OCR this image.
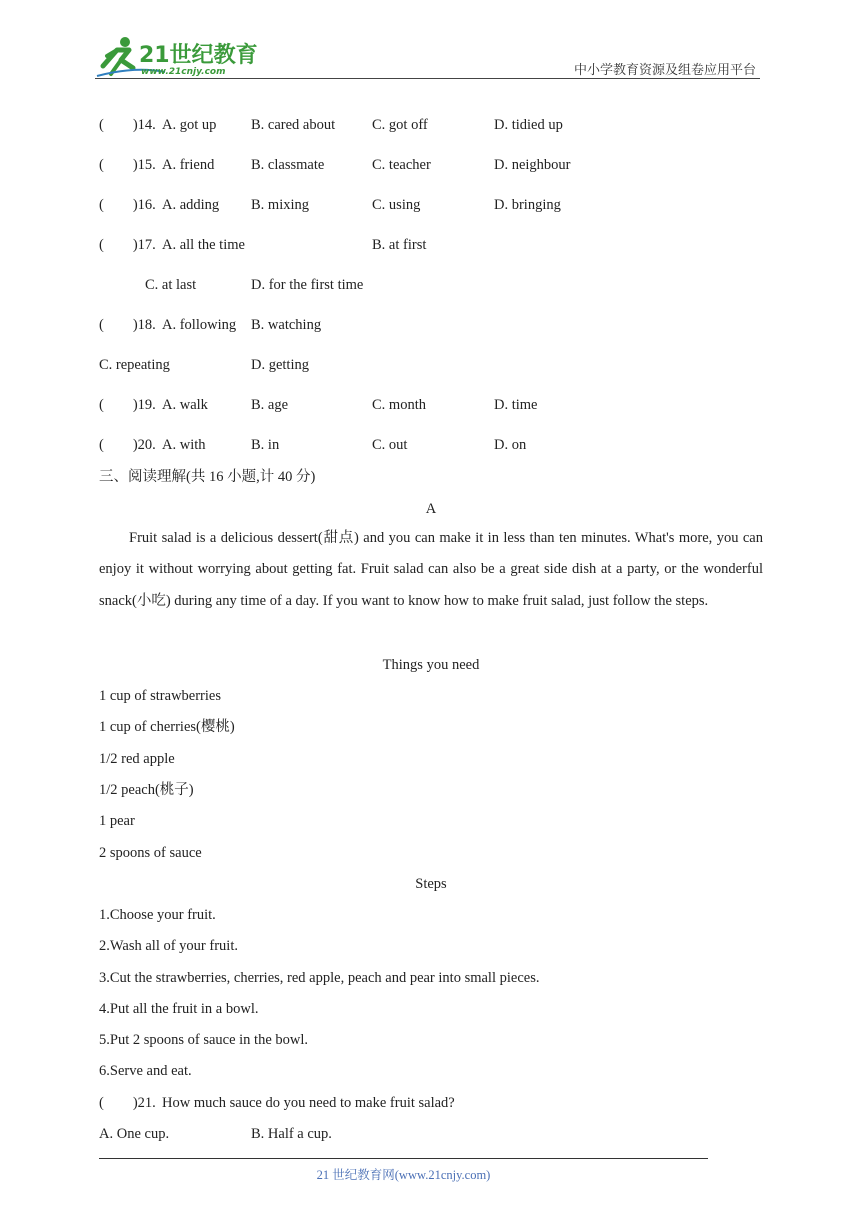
21世纪教育
www.21cnjy.com	中小学教育资源及组卷应用平台
(　　)14. A. got up B. cared about	C. got off	D. tidied up
(　　)15. A. friend	B. classmate	C. teacher	D. neighbour
(　　)16. A. adding B. mixing	C. using	D. bringing
(　　)17. A. all the time	B. at first
C. at last	D. for the first time
(　　)18. A. following B. watching
C. repeating	D. getting
(　　)19. A. walk	B. age	C. month	D. time
(　　)20. A. with	B. in	C. out	D. on
三、阅读理解(共 16 小题,计 40 分)
A
Fruit salad is a delicious dessert(甜点) and you can make it in less than ten minutes. What's more, you can enjoy it without worrying about getting fat. Fruit salad can also be a great side dish at a party, or the wonderful snack(小吃) during any time of a day. If you want to know how to make fruit salad, just follow the steps.
Things you need
1 cup of strawberries
1 cup of cherries(樱桃)
1/2 red apple
1/2 peach(桃子)
1 pear
2 spoons of sauce
Steps
1.Choose your fruit.
2.Wash all of your fruit.
3.Cut the strawberries, cherries, red apple, peach and pear into small pieces.
4.Put all the fruit in a bowl.
5.Put 2 spoons of sauce in the bowl.
6.Serve and eat.
(　　)21. How much sauce do you need to make fruit salad?
A. One cup.	B. Half a cup.
21 世纪教育网(www.21cnjy.com)
